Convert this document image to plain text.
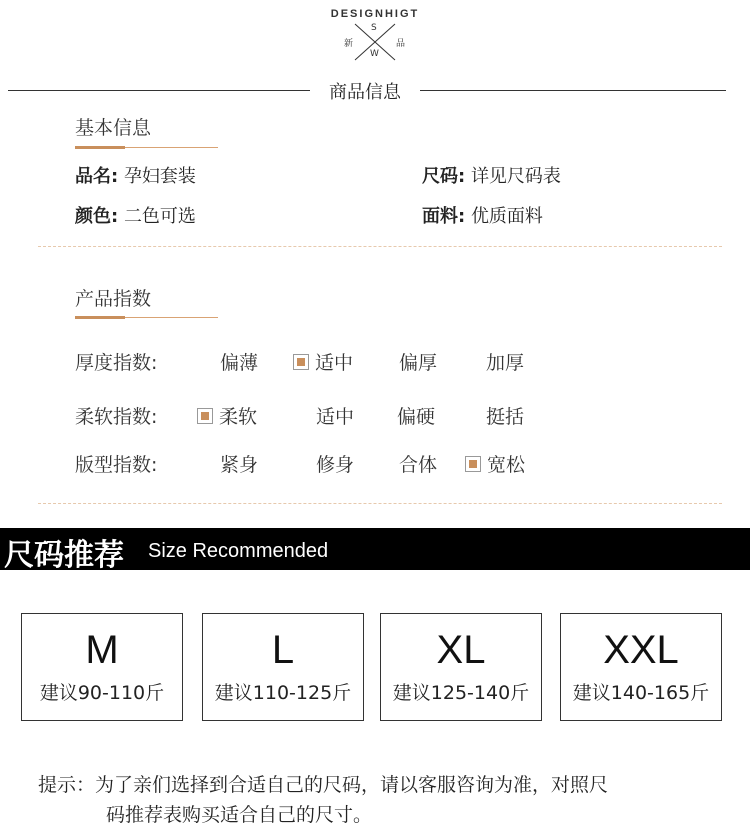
DESIGNHIGT
S
W
新	品
商品信息
基本信息
品名: 孕妇套装	尺码: 详见尺码表
颜色: 二色可选	面料: 优质面料
产品指数
厚度指数:	偏薄	适中 偏厚	加厚
柔软指数:	柔软	适中 偏硬	挺括
版型指数:	紧身	修身 合体	宽松
尺码推荐 Size Recommended
M
建议90-110斤
L
建议110-125斤
XL
建议125-140斤
XXL
建议140-165斤
提示：为了亲们选择到合适自己的尺码，请以客服咨询为准，对照尺
码推荐表购买适合自己的尺寸。
